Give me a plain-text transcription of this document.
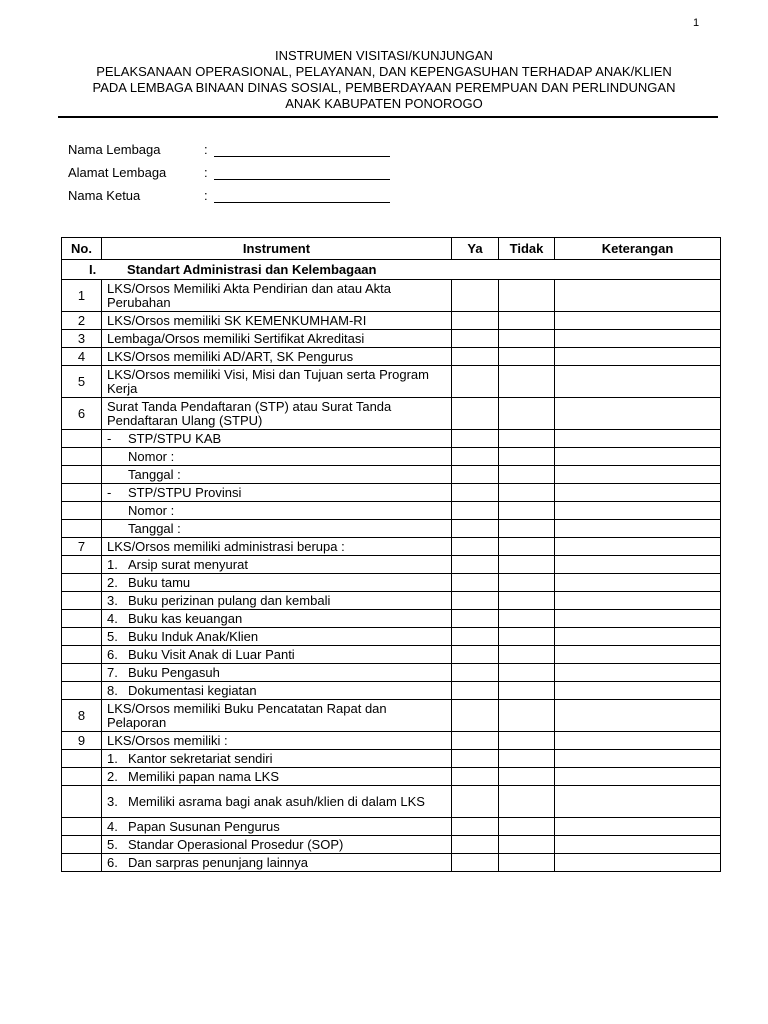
1
INSTRUMEN VISITASI/KUNJUNGAN
PELAKSANAAN OPERASIONAL, PELAYANAN, DAN KEPENGASUHAN TERHADAP ANAK/KLIEN
PADA LEMBAGA BINAAN DINAS SOSIAL, PEMBERDAYAAN PEREMPUAN DAN PERLINDUNGAN
ANAK KABUPATEN PONOROGO
Nama Lembaga	:
Alamat Lembaga	:
Nama Ketua	:
No.	Instrument	Ya	Tidak	Keterangan
I. Standart Administrasi dan Kelembagaan				
1	LKS/Orsos Memiliki Akta Pendirian dan atau Akta Perubahan			
2	LKS/Orsos memiliki SK KEMENKUMHAM-RI			
3	Lembaga/Orsos memiliki Sertifikat Akreditasi			
4	LKS/Orsos memiliki AD/ART, SK Pengurus			
5	LKS/Orsos memiliki Visi, Misi dan Tujuan serta Program Kerja			
6	Surat Tanda Pendaftaran (STP) atau Surat Tanda Pendaftaran Ulang (STPU)			

	- STP/STPU KAB			

	Nomor :			
	Tanggal :			

	- STP/STPU Provinsi			

	Nomor :			
	Tanggal :			
7	LKS/Orsos memiliki administrasi berupa :			

	1. Arsip surat menyurat			

	2. Buku tamu			

	3. Buku perizinan pulang dan kembali			

	4. Buku kas keuangan			

	5. Buku Induk Anak/Klien			

	6. Buku Visit Anak di Luar Panti			

	7. Buku Pengasuh			

	8. Dokumentasi kegiatan			

8	LKS/Orsos memiliki Buku Pencatatan Rapat dan Pelaporan			
9	LKS/Orsos memiliki :			

	1. Kantor sekretariat sendiri			

	2. Memiliki papan nama LKS			

	3. Memiliki asrama bagi anak asuh/klien di dalam LKS			

	4. Papan Susunan Pengurus			

	5. Standar Operasional Prosedur (SOP)			

	6. Dan sarpras penunjang lainnya			
